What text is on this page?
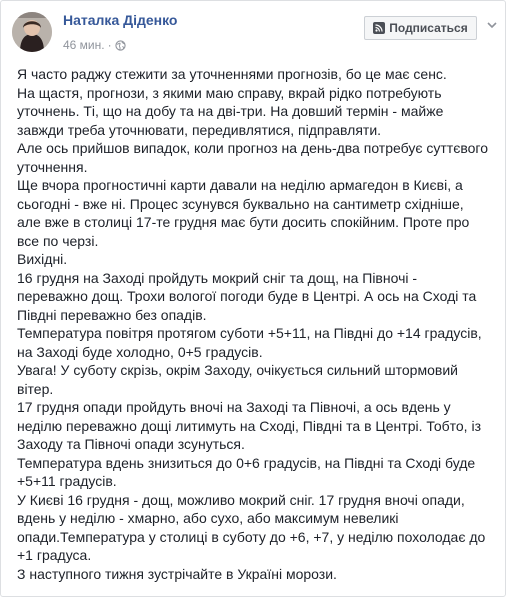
Наталка Діденко
46 мин. ·
Подписаться

Я часто раджу стежити за уточненнями прогнозів, бо це має сенс.

На щастя, прогнози, з якими маю справу, вкрай рідко потребують уточнень. Ті, що на добу та на дві-три. На довший термін - майже завжди треба уточнювати, передивлятися, підправляти.

Але ось прийшов випадок, коли прогноз на день-два потребує суттєвого уточнення.

Ще вчора прогностичні карти давали на неділю армагедон в Києві, а сьогодні - вже ні. Процес зсунувся буквально на сантиметр східніше, але вже в столиці 17-те грудня має бути досить спокійним. Проте про все по черзі.

Вихідні.

16 грудня на Заході пройдуть мокрий сніг та дощ, на Півночі - переважно дощ. Трохи вологої погоди буде в Центрі. А ось на Сході та Півдні переважно без опадів.

Температура повітря протягом суботи +5+11, на Півдні до +14 градусів, на Заході буде холодно, 0+5 градусів.

Увага! У суботу скрізь, окрім Заходу, очікується сильний штормовий вітер.

17 грудня опади пройдуть вночі на Заході та Півночі, а ось вдень у неділю переважно дощі литимуть на Сході, Півдні та в Центрі. Тобто, із Заходу та Півночі опади зсунуться.

Температура вдень знизиться до 0+6 градусів, на Півдні та Сході буде +5+11 градусів.

У Києві 16 грудня - дощ, можливо мокрий сніг. 17 грудня вночі опади, вдень у неділю - хмарно, або сухо, або максимум невеликі опади.Температура у столиці в суботу до +6, +7, у неділю похолодає до +1 градуса.

З наступного тижня зустрічайте в Україні морози.
